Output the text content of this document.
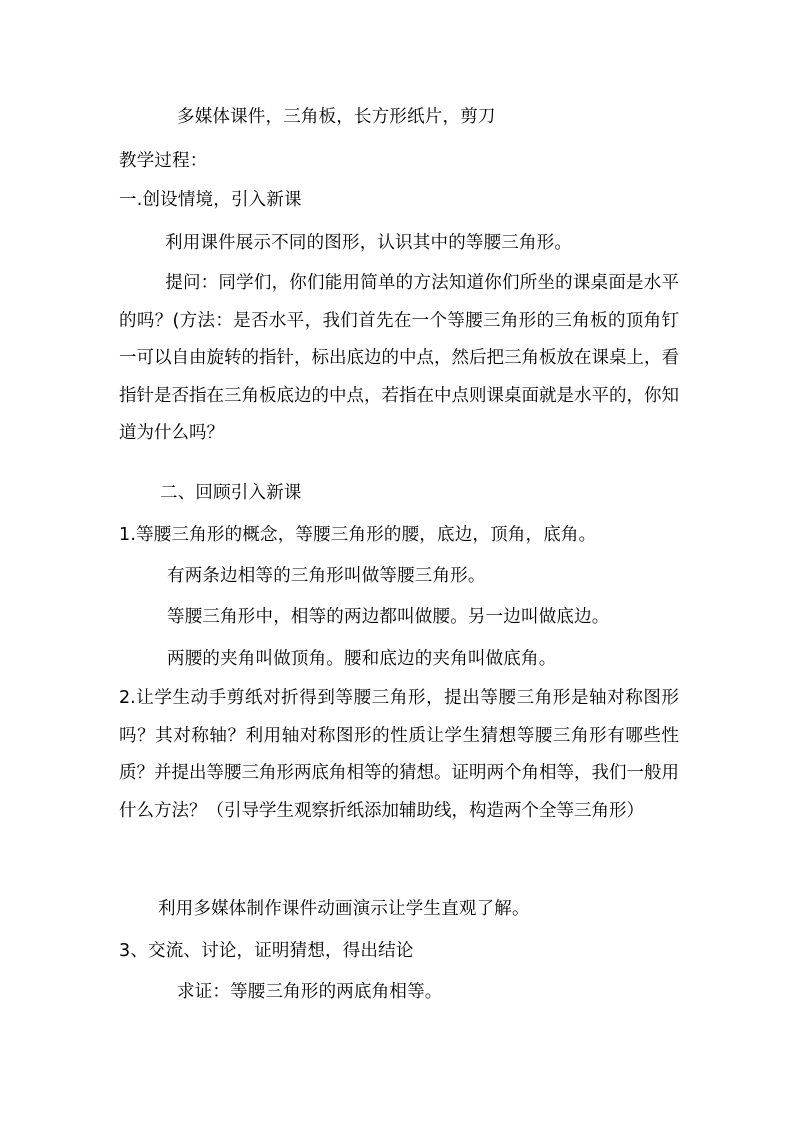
多媒体课件，三角板，长方形纸片，剪刀
教学过程：
一.创设情境，引入新课
利用课件展示不同的图形，认识其中的等腰三角形。
提问：同学们，你们能用简单的方法知道你们所坐的课桌面是水平的吗？(方法：是否水平，我们首先在一个等腰三角形的三角板的顶角钉一可以自由旋转的指针，标出底边的中点，然后把三角板放在课桌上，看指针是否指在三角板底边的中点，若指在中点则课桌面就是水平的，你知道为什么吗？
二、回顾引入新课
1.等腰三角形的概念，等腰三角形的腰，底边，顶角，底角。
有两条边相等的三角形叫做等腰三角形。
等腰三角形中，相等的两边都叫做腰。另一边叫做底边。
两腰的夹角叫做顶角。腰和底边的夹角叫做底角。
2.让学生动手剪纸对折得到等腰三角形，提出等腰三角形是轴对称图形吗？其对称轴？利用轴对称图形的性质让学生猜想等腰三角形有哪些性质？并提出等腰三角形两底角相等的猜想。证明两个角相等，我们一般用什么方法？（引导学生观察折纸添加辅助线，构造两个全等三角形）
利用多媒体制作课件动画演示让学生直观了解。
3、交流、讨论，证明猜想，得出结论
求证：等腰三角形的两底角相等。
